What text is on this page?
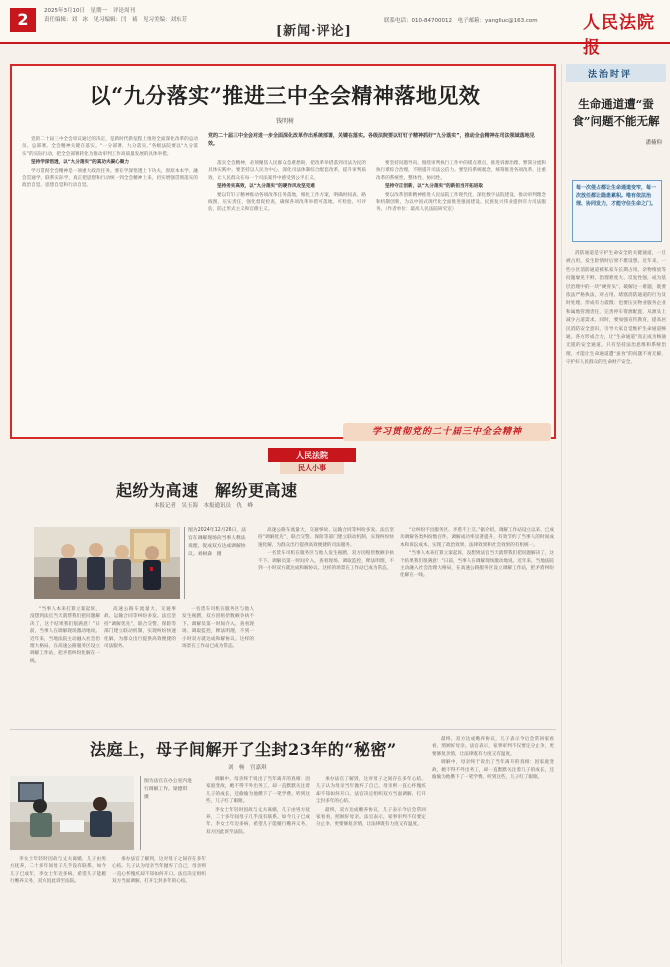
2	2025年3月10日　星期一 评论周刊
责任编辑：刘　冰　见习编辑：闫　祯　见习美编：刘东芳
[新闻·评论]
联系电话：010-84700012　电子邮箱：yangliuc@163.com	人民法院报
以“九分落实”推进三中全会精神落地见效
钱明树
党的二十届三中全会对进一步全面深化改革作出系统部署，关键在落实。各级法院要以钉钉子精神抓好“九分落实”，推动全会精神在司法领域落地见效。

党的二十届三中全会审议通过的决定，是新时代新征程上推进全面深化改革的总动员、总部署。全会精神关键在落实。“一分部署，九分落实。”各级法院要以“九分落实”的实际行动，把全会部署转化为推动审判工作高质量发展的具体举措。

坚持学深悟透，以“九分落实”的真功夫凝心聚力

学习贯彻全会精神是一项重大政治任务。要在学深悟透上下功夫，原原本本学、融会贯通学、联系实际学，真正把思想和行动统一到全会精神上来，切实增强贯彻落实的政治自觉、思想自觉和行动自觉。

落实全会精神，必须聚焦人民群众急难愁盼，把改革举措落到司法为民的具体实践中。要坚持以人民为中心，深化司法体制综合配套改革，提升审判质效，让人民群众在每一个司法案件中感受到公平正义。

坚持务实高效，以“九分落实”的硬作风攻坚克难

要以钉钉子精神推动各项改革任务落地，细化工作方案，明确时间表、路线图，压实责任，强化督促检查，确保各项改革举措可落地、可检验、可评估，防止形式主义和官僚主义。

要坚持问题导向，围绕审判执行工作中的堵点难点，推进诉源治理、繁简分流和执行难综合治理，不断提升司法公信力。要坚持系统观念，统筹推进各项改革，注重改革的系统性、整体性、协同性。

坚持守正创新，以“九分落实”的新担当开拓进取

要以改革创新精神推进人民法院工作现代化，深化数字法院建设，推动审判理念和机制创新，为以中国式现代化全面推进强国建设、民族复兴伟业提供有力司法服务。（作者单位：最高人民法院研究室）

学习贯彻党的二十届三中全会精神
法治时评
生命通道遭“蚕食”问题不能无解
潘楠仰
每一次侵占都让生命通道变窄，每一次放任都让隐患累积。唯有依法治理、协同发力，才能守住生命之门。

消防通道是守护生命安全的关键通道，一旦被占用，发生险情时后果不堪设想。近年来，一些小区消防通道被私家车长期占用、杂物堆放等问题屡见不鲜，治理难度大、反复性强，成为基层治理中的一块“硬骨头”。破解这一难题，既要依法严格执法，对占用、堵塞消防通道的行为及时处理，形成有力震慑；也要压实物业服务企业和属地管理责任，完善停车资源配置，从源头上减少占道需求。同时，要加强宣传教育，提高居民消防安全意识，引导大家自觉维护生命通道畅通。各方形成合力，让“生命通道”真正成为畅通无阻的安全通道。只有坚持法治思维和系统治理，才能让生命通道遭“蚕食”的问题不再无解，守护好人民群众的生命财产安全。

人民法院
民人小事
起纷为高速　解纷更高速
本报记者　吴玉海　本报通讯员　仇　峰
图为2024年12月26日，法官在调解现场向当事人释法说理，促成双方达成调解协议。刘树森　摄

“当事人本来打算立案起诉，没想到法官当天就帮我们把问题解决了，这个结果我们很满意！”日前，当事人在调解现场激动地说。近年来，当地法院主动融入社会治理大格局，在高速公路服务区设立调解工作站，把矛盾纠纷化解在一线。

高速公路车流量大，交通事故、运输合同等纠纷多发。法官坚持“调解优先”，联合交警、保险等部门建立联动机制，实现纠纷快速化解，为群众出行提供高效便捷的司法服务。

一名货车司机在服务区与他人发生剐蹭，双方因赔偿数额争执不下。调解员第一时间介入，查看现场、调取监控，释法明理，不到一小时双方就达成和解协议。这样的场景在工作站已成为常态。

高速公路车流量大，交通事故、运输合同等纠纷多发。法官坚持“调解优先”，联合交警、保险等部门建立联动机制，实现纠纷快速化解，为群众出行提供高效便捷的司法服务。

一名货车司机在服务区与他人发生剐蹭，双方因赔偿数额争执不下。调解员第一时间介入，查看现场、调取监控，释法明理，不到一小时双方就达成和解协议。这样的场景在工作站已成为常态。

“让纠纷不出服务区、矛盾不上交。”据介绍，调解工作站设立以来，已成功调解各类纠纷数百件，调解成功率显著提升，有效节约了当事人的时间成本和诉讼成本，实现了政治效果、法律效果和社会效果的有机统一。

“当事人本来打算立案起诉，没想到法官当天就帮我们把问题解决了，这个结果我们很满意！”日前，当事人在调解现场激动地说。近年来，当地法院主动融入社会治理大格局，在高速公路服务区设立调解工作站，把矛盾纠纷化解在一线。

法庭上，母子间解开了尘封23年的“秘密”
刘　畅　宫嘉琪
图为法官在办公室内进行调解工作。梁德琪　摄

李女士年轻时因故与丈夫离婚，儿子由男方抚养，二十多年间母子几乎没有联系。如今儿子已成年，李女士年迈多病，希望儿子能履行赡养义务，双方因此诉至法院。

承办法官了解到，这对母子之间存在多年心结。儿子认为母亲当年抛弃了自己，母亲则一直心怀愧疚却不知如何开口。法官决定组织双方当面调解，打开尘封多年的心结。

调解中，母亲终于说出了当年离开的真相：因家庭变故，她不得不外出务工，却一直默默关注着儿子的成长，还偷偷为他攒下了一笔学费。听到这些，儿子红了眼眶。

李女士年轻时因故与丈夫离婚，儿子由男方抚养，二十多年间母子几乎没有联系。如今儿子已成年，李女士年迈多病，希望儿子能履行赡养义务，双方因此诉至法院。

承办法官了解到，这对母子之间存在多年心结。儿子认为母亲当年抛弃了自己，母亲则一直心怀愧疚却不知如何开口。法官决定组织双方当面调解，打开尘封多年的心结。

最终，双方达成赡养协议，儿子表示今后会常回家看看，照顾好母亲。法官表示，家事审判不仅要定分止争，更要修复亲情，让法律既有力度又有温度。

最终，双方达成赡养协议，儿子表示今后会常回家看看，照顾好母亲。法官表示，家事审判不仅要定分止争，更要修复亲情，让法律既有力度又有温度。

调解中，母亲终于说出了当年离开的真相：因家庭变故，她不得不外出务工，却一直默默关注着儿子的成长，还偷偷为他攒下了一笔学费。听到这些，儿子红了眼眶。
